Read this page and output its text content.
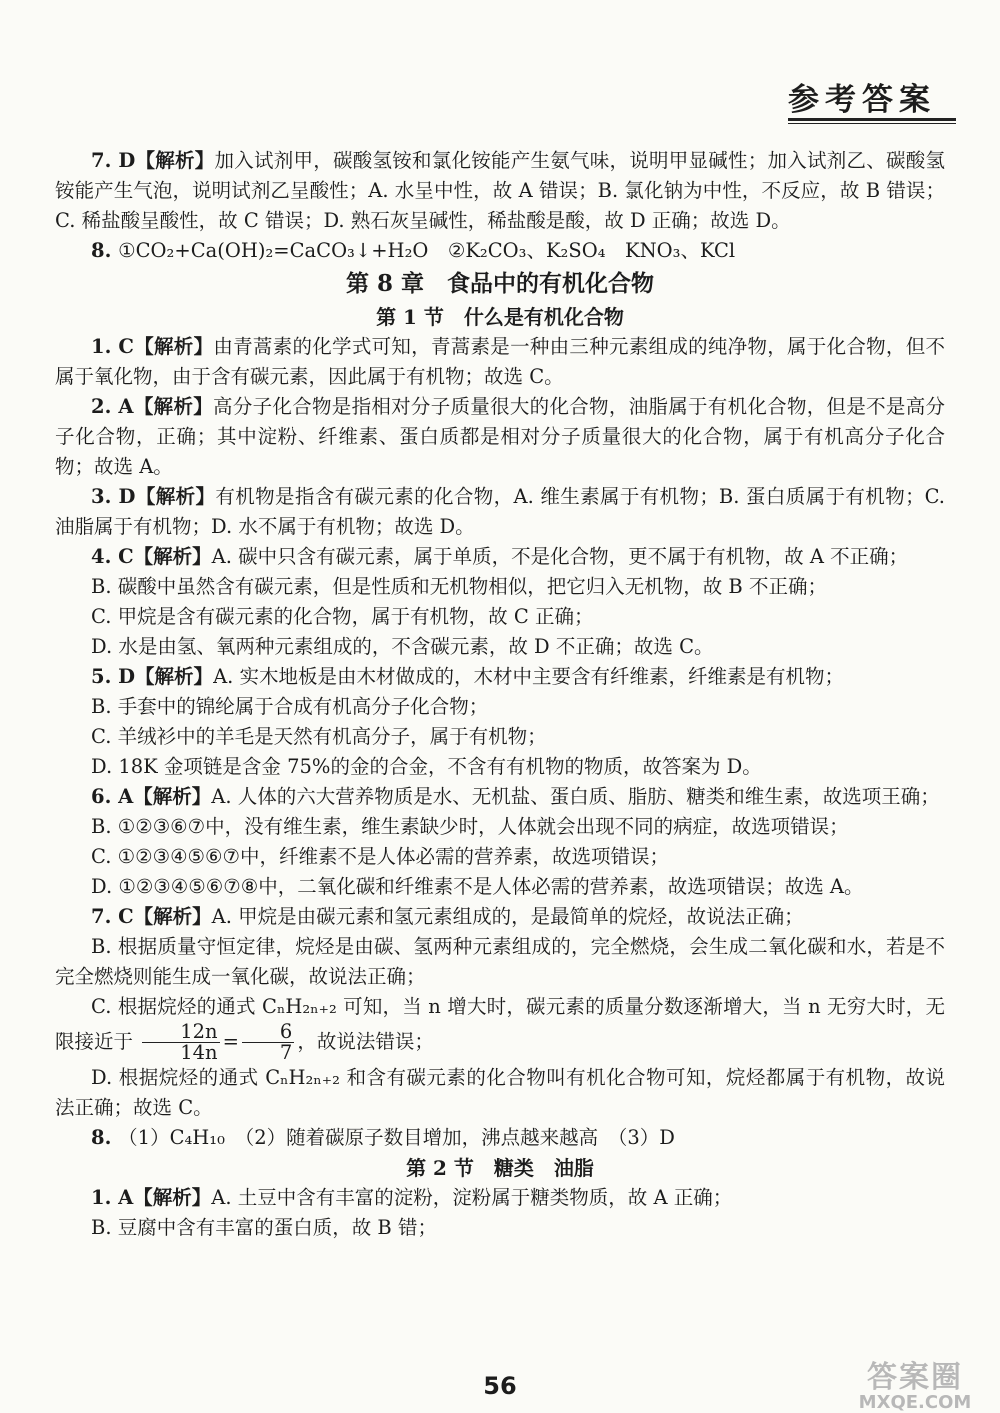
参考答案

7. D【解析】加入试剂甲，碳酸氢铵和氯化铵能产生氨气味，说明甲显碱性；加入试剂乙、碳酸氢铵能产生气泡，说明试剂乙呈酸性；A. 水呈中性，故 A 错误；B. 氯化钠为中性，不反应，故 B 错误；C. 稀盐酸呈酸性，故 C 错误；D. 熟石灰呈碱性，稀盐酸是酸，故 D 正确；故选 D。

8. ①CO₂+Ca(OH)₂=CaCO₃↓+H₂O　②K₂CO₃、K₂SO₄　KNO₃、KCl

第 8 章　食品中的有机化合物
第 1 节　什么是有机化合物

1. C【解析】由青蒿素的化学式可知，青蒿素是一种由三种元素组成的纯净物，属于化合物，但不属于氧化物，由于含有碳元素，因此属于有机物；故选 C。

2. A【解析】高分子化合物是指相对分子质量很大的化合物，油脂属于有机化合物，但是不是高分子化合物，正确；其中淀粉、纤维素、蛋白质都是相对分子质量很大的化合物，属于有机高分子化合物；故选 A。

3. D【解析】有机物是指含有碳元素的化合物，A. 维生素属于有机物；B. 蛋白质属于有机物；C. 油脂属于有机物；D. 水不属于有机物；故选 D。

4. C【解析】A. 碳中只含有碳元素，属于单质，不是化合物，更不属于有机物，故 A 不正确；

B. 碳酸中虽然含有碳元素，但是性质和无机物相似，把它归入无机物，故 B 不正确；

C. 甲烷是含有碳元素的化合物，属于有机物，故 C 正确；

D. 水是由氢、氧两种元素组成的，不含碳元素，故 D 不正确；故选 C。

5. D【解析】A. 实木地板是由木材做成的，木材中主要含有纤维素，纤维素是有机物；

B. 手套中的锦纶属于合成有机高分子化合物；

C. 羊绒衫中的羊毛是天然有机高分子，属于有机物；

D. 18K 金项链是含金 75%的金的合金，不含有有机物的物质，故答案为 D。

6. A【解析】A. 人体的六大营养物质是水、无机盐、蛋白质、脂肪、糖类和维生素，故选项王确；

B. ①②③⑥⑦中，没有维生素，维生素缺少时，人体就会出现不同的病症，故选项错误；

C. ①②③④⑤⑥⑦中，纤维素不是人体必需的营养素，故选项错误；

D. ①②③④⑤⑥⑦⑧中，二氧化碳和纤维素不是人体必需的营养素，故选项错误；故选 A。

7. C【解析】A. 甲烷是由碳元素和氢元素组成的，是最简单的烷烃，故说法正确；

B. 根据质量守恒定律，烷烃是由碳、氢两种元素组成的，完全燃烧，会生成二氧化碳和水，若是不完全燃烧则能生成一氧化碳，故说法正确；

C. 根据烷烃的通式 CₙH₂ₙ₊₂ 可知，当 n 增大时，碳元素的质量分数逐渐增大，当 n 无穷大时，无限接近于 $\frac{12n}{14n} = \frac{6}{7}$ ，故说法错误；

D. 根据烷烃的通式 CₙH₂ₙ₊₂ 和含有碳元素的化合物叫有机化合物可知，烷烃都属于有机物，故说法正确；故选 C。

8. （1）C₄H₁₀　（2）随着碳原子数目增加，沸点越来越高　（3）D

第 2 节　糖类　油脂

1. A【解析】A. 土豆中含有丰富的淀粉，淀粉属于糖类物质，故 A 正确；

B. 豆腐中含有丰富的蛋白质，故 B 错；

56	答案圈
MXQE.COM
